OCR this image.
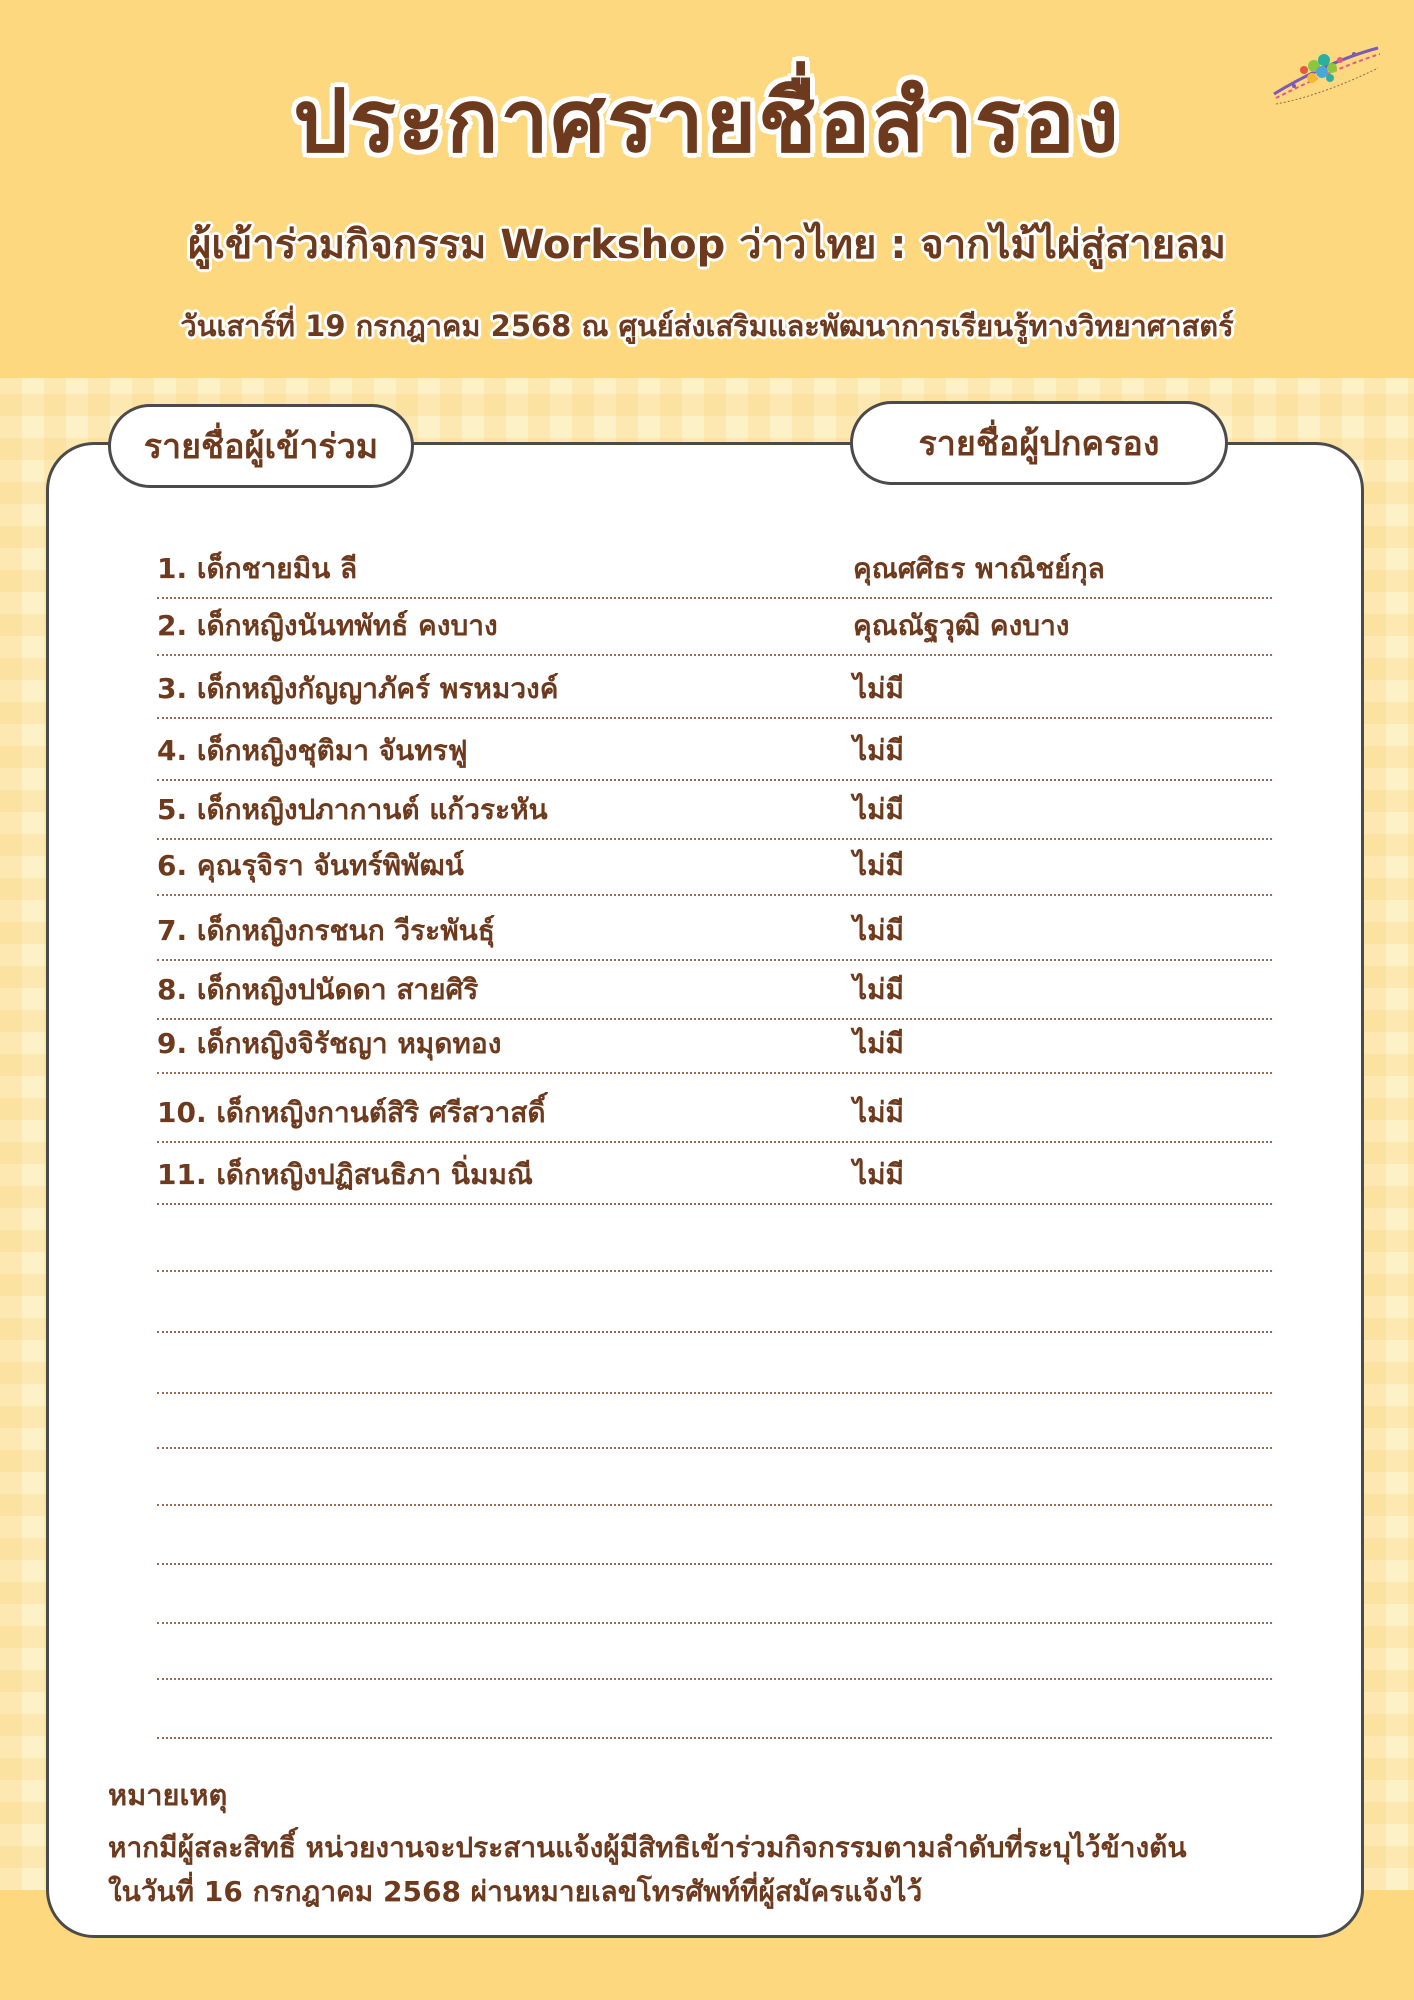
ประกาศรายชื่อสำรอง
ผู้เข้าร่วมกิจกรรม Workshop ว่าวไทย : จากไม้ไผ่สู่สายลม
วันเสาร์ที่ 19 กรกฎาคม 2568 ณ ศูนย์ส่งเสริมและพัฒนาการเรียนรู้ทางวิทยาศาสตร์
รายชื่อผู้เข้าร่วม	รายชื่อผู้ปกครอง
1. เด็กชายมิน ลี	คุณศศิธร พาณิชย์กุล
2. เด็กหญิงนันทพัทธ์ คงบาง	คุณณัฐวุฒิ คงบาง
3. เด็กหญิงกัญญาภัคร์ พรหมวงค์	ไม่มี
4. เด็กหญิงชุติมา จันทรฟู	ไม่มี
5. เด็กหญิงปภากานต์ แก้วระหัน	ไม่มี
6. คุณรุจิรา จันทร์พิพัฒน์	ไม่มี
7. เด็กหญิงกรชนก วีระพันธุ์	ไม่มี
8. เด็กหญิงปนัดดา สายศิริ	ไม่มี
9. เด็กหญิงจิรัชญา หมุดทอง	ไม่มี
10. เด็กหญิงกานต์สิริ ศรีสวาสดิ์	ไม่มี
11. เด็กหญิงปฏิสนธิภา นิ่มมณี	ไม่มี
หมายเหตุ
หากมีผู้สละสิทธิ์ หน่วยงานจะประสานแจ้งผู้มีสิทธิเข้าร่วมกิจกรรมตามลำดับที่ระบุไว้ข้างต้น
ในวันที่ 16 กรกฎาคม 2568 ผ่านหมายเลขโทรศัพท์ที่ผู้สมัครแจ้งไว้
